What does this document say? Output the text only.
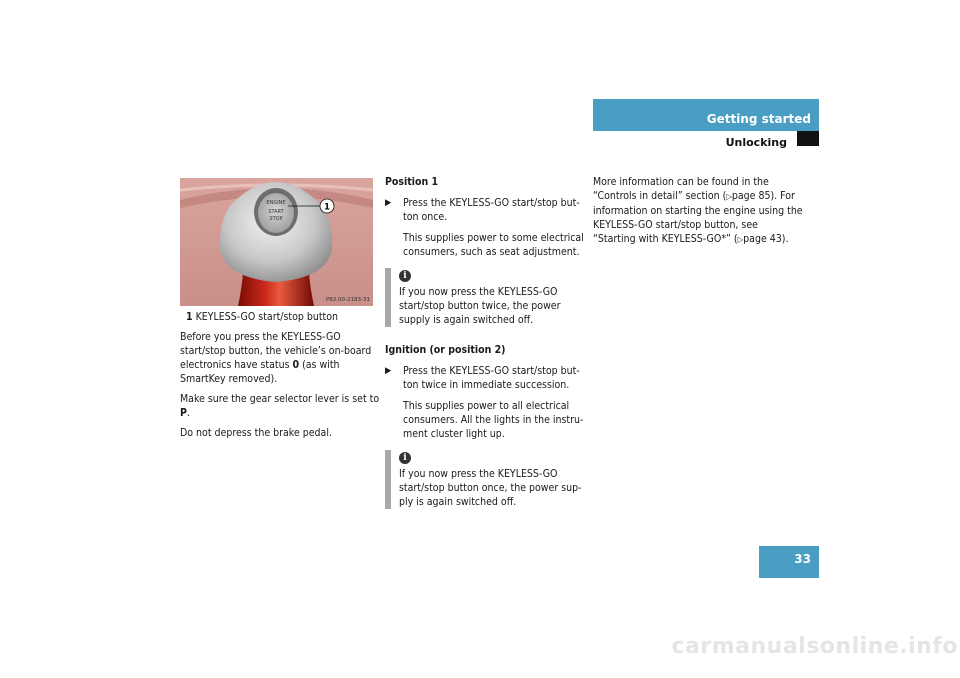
Getting started
Unlocking
ENGINE
START
STOP
1
P82.00-2183-31

1 KEYLESS-GO start/stop button

Before you press the KEYLESS-GO start/stop button, the vehicle’s on-board electronics have status 0 (as with SmartKey removed).

Make sure the gear selector lever is set to P.

Do not depress the brake pedal.

Position 1

▶ Press the KEYLESS-GO start/stop button once.

This supplies power to some electrical consumers, such as seat adjustment.

i

If you now press the KEYLESS-GO start/stop button twice, the power supply is again switched off.

Ignition (or position 2)

▶ Press the KEYLESS-GO start/stop button twice in immediate succession.

This supplies power to all electrical consumers. All the lights in the instrument cluster light up.

i

If you now press the KEYLESS-GO start/stop button once, the power supply is again switched off.

More information can be found in the “Controls in detail” section (▷page 85). For information on starting the engine using the KEYLESS-GO start/stop button, see “Starting with KEYLESS-GO*” (▷page 43).

33
carmanualsonline.info
